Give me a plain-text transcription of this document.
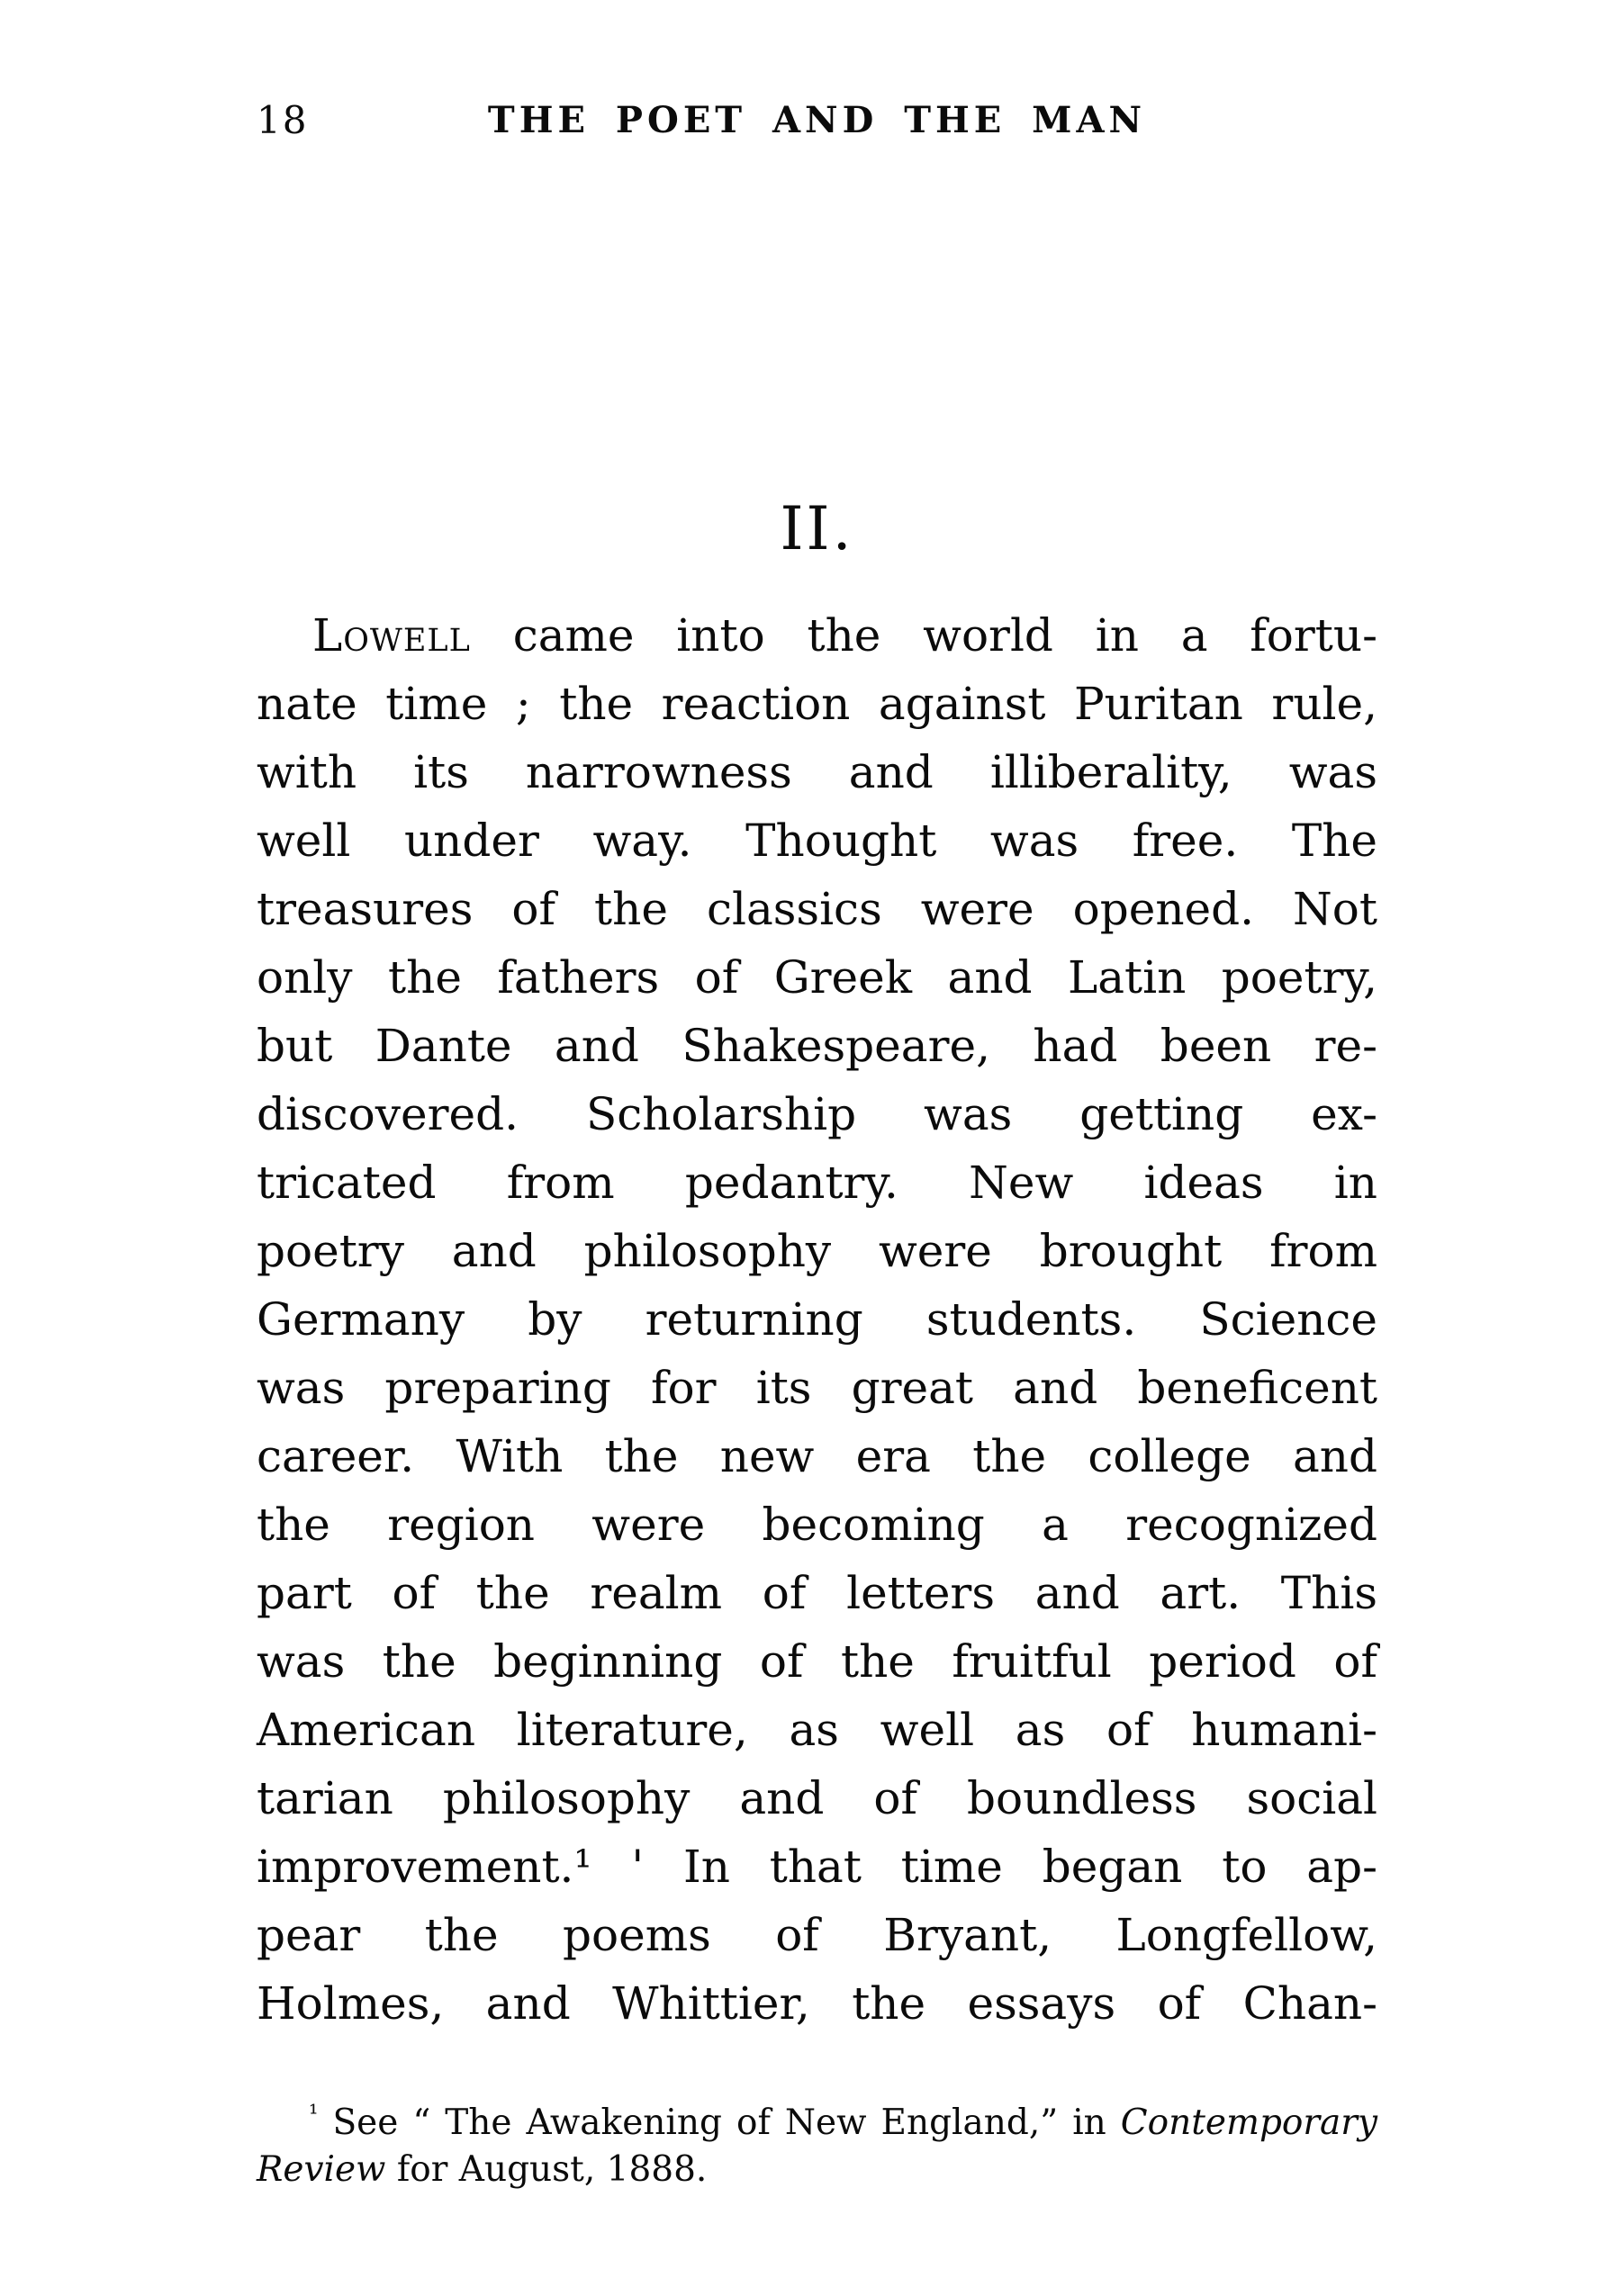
18	THE POET AND THE MAN
II.
Lowell came into the world in a fortu-
nate time ; the reaction against Puritan rule,
with its narrowness and illiberality, was
well under way. Thought was free. The
treasures of the classics were opened. Not
only the fathers of Greek and Latin poetry,
but Dante and Shakespeare, had been re-
discovered. Scholarship was getting ex-
tricated from pedantry. New ideas in
poetry and philosophy were brought from
Germany by returning students. Science
was preparing for its great and beneficent
career. With the new era the college and
the region were becoming a recognized
part of the realm of letters and art. This
was the beginning of the fruitful period of
American literature, as well as of humani-
tarian philosophy and of boundless social
improvement.¹ ' In that time began to ap-
pear the poems of Bryant, Longfellow,
Holmes, and Whittier, the essays of Chan-
$^{^1}$ See “ The Awakening of New England,” in Contemporary
Review for August, 1888.
